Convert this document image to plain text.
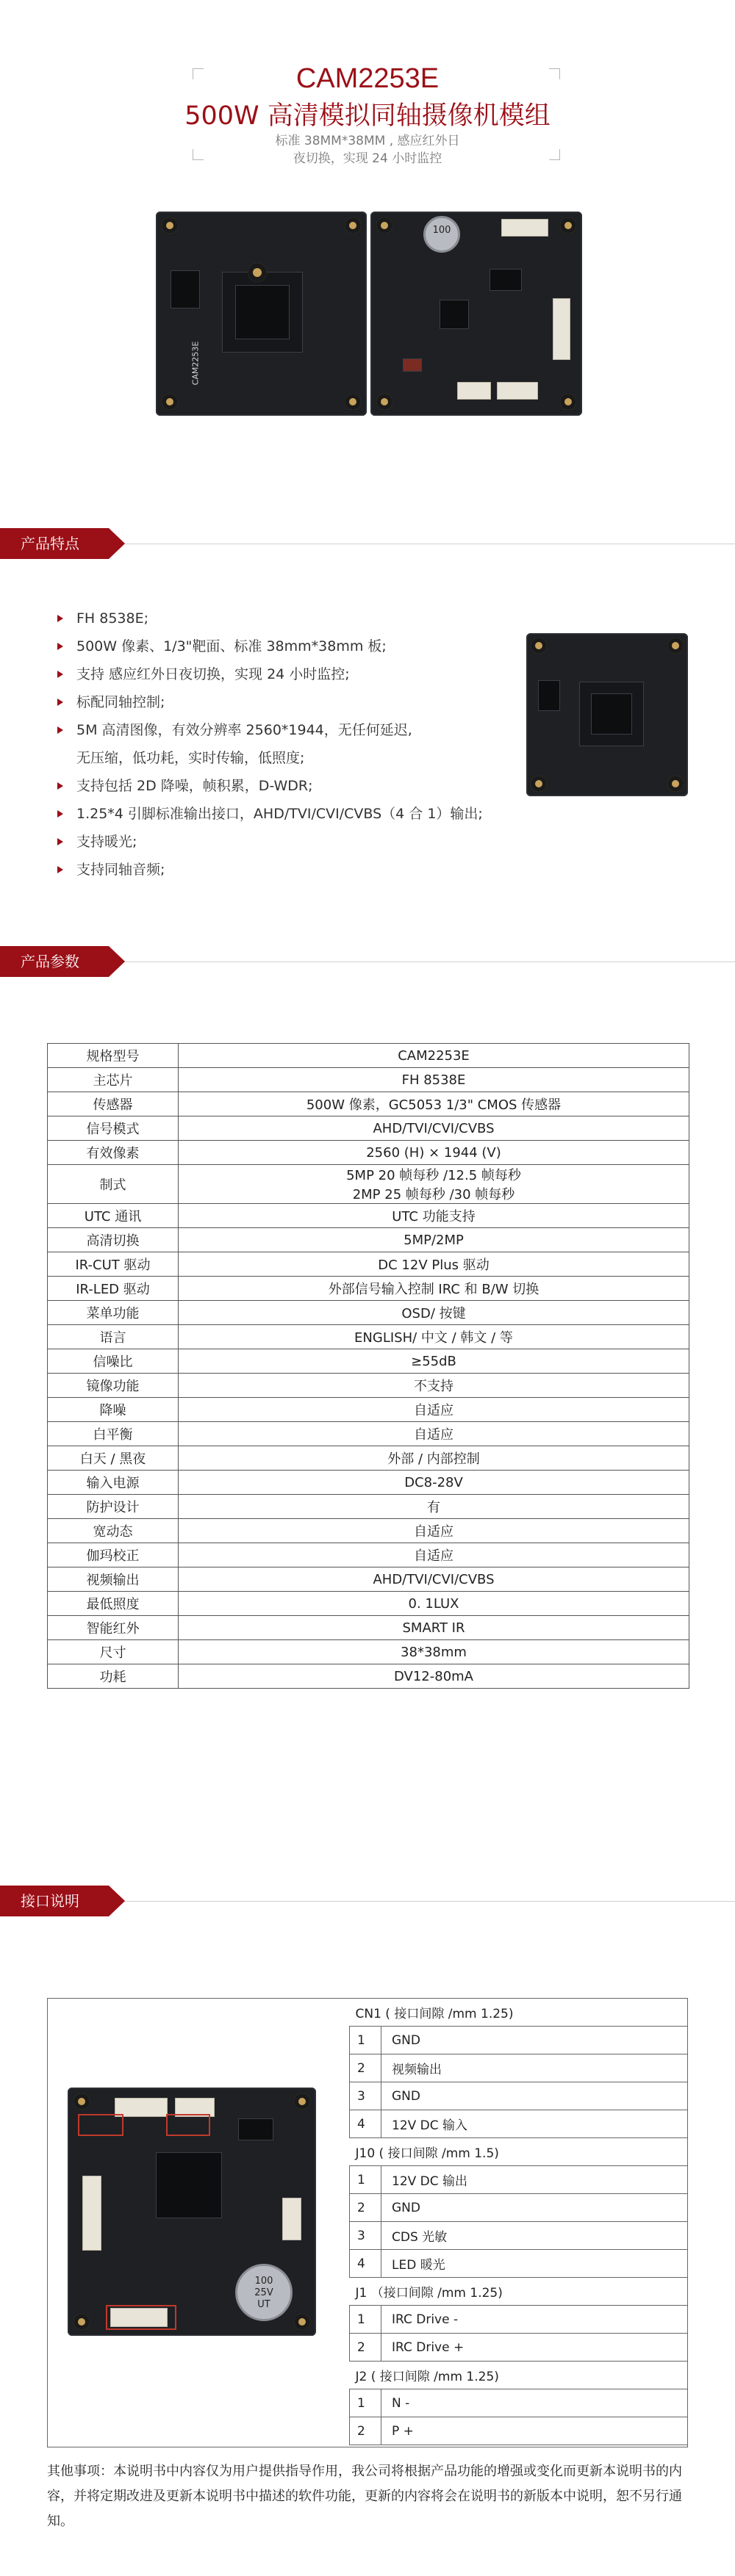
CAM2253E
500W 高清模拟同轴摄像机模组
标准 38MM*38MM , 感应红外日
夜切换，实现 24 小时监控
CAM2253E
100
产品特点
FH 8538E;
500W 像素、1/3"靶面、标准 38mm*38mm 板;
支持 感应红外日夜切换，实现 24 小时监控;
标配同轴控制;
5M 高清图像，有效分辨率 2560*1944，无任何延迟,
无压缩，低功耗，实时传输，低照度;
支持包括 2D 降噪，帧积累，D-WDR;
1.25*4 引脚标准输出接口，AHD/TVI/CVI/CVBS（4 合 1）输出;
支持暖光;
支持同轴音频;
产品参数
规格型号	CAM2253E

主芯片	FH 8538E

传感器	500W 像素，GC5053 1/3" CMOS 传感器

信号模式	AHD/TVI/CVI/CVBS

有效像素	2560 (H) × 1944 (V)

制式	5MP 20 帧每秒 /12.5 帧每秒
2MP 25 帧每秒 /30 帧每秒

UTC 通讯	UTC 功能支持

高清切换	5MP/2MP

IR-CUT 驱动	DC 12V Plus 驱动

IR-LED 驱动	外部信号输入控制 IRC 和 B/W 切换

菜单功能	OSD/ 按键

语言	ENGLISH/ 中文 / 韩文 / 等

信噪比	≥55dB

镜像功能	不支持

降噪	自适应

白平衡	自适应

白天 / 黑夜	外部 / 内部控制

输入电源	DC8-28V

防护设计	有

宽动态	自适应

伽玛校正	自适应

视频输出	AHD/TVI/CVI/CVBS

最低照度	0. 1LUX

智能红外	SMART IR

尺寸	38*38mm

功耗	DV12-80mA
接口说明
100
25V
UT
CN1 ( 接口间隙 /mm 1.25)	
1	GND
2	视频输出
3	GND
4	12V DC 输入
J10 ( 接口间隙 /mm 1.5)	
1	12V DC 输出
2	GND
3	CDS 光敏
4	LED 暖光
J1 （接口间隙 /mm 1.25)	
1	IRC Drive -
2	IRC Drive +
J2 ( 接口间隙 /mm 1.25)	
1	N -
2	P +
其他事项：本说明书中内容仅为用户提供指导作用，我公司将根据产品功能的增强或变化而更新本说明书的内容，并将定期改进及更新本说明书中描述的软件功能，更新的内容将会在说明书的新版本中说明，恕不另行通知。
